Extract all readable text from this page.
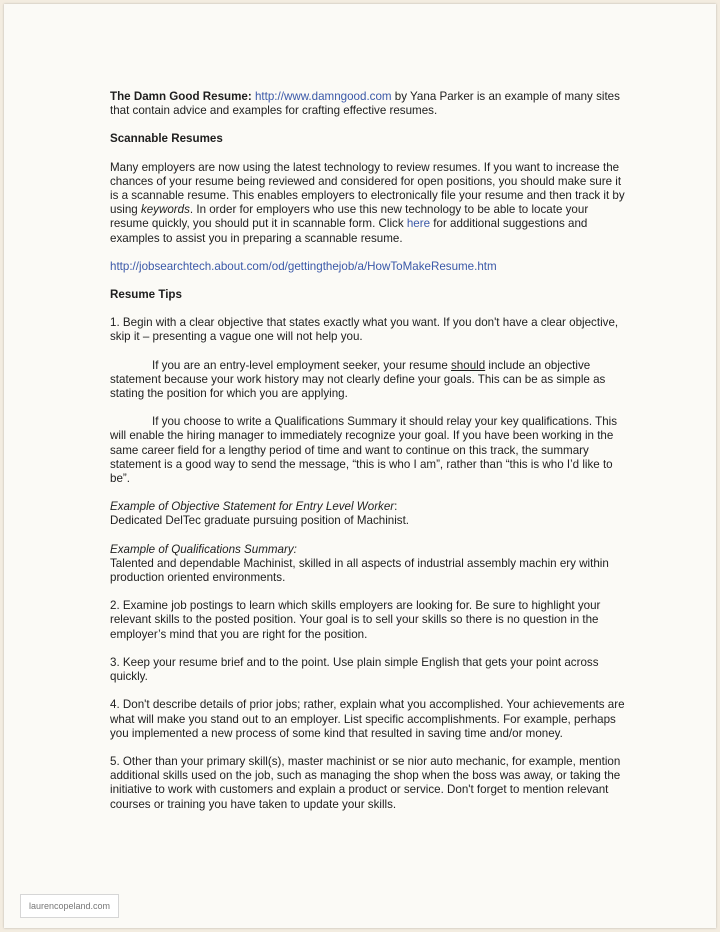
The Damn Good Resume: http://www.damngood.com by Yana Parker is an example of many sites that contain advice and examples for crafting effective resumes.

Scannable Resumes

Many employers are now using the latest technology to review resumes. If you want to increase the chances of your resume being reviewed and considered for open positions, you should make sure it is a scannable resume. This enables employers to electronically file your resume and then track it by using keywords. In order for employers who use this new technology to be able to locate your resume quickly, you should put it in scannable form. Click here for additional suggestions and examples to assist you in preparing a scannable resume.

http://jobsearchtech.about.com/od/gettingthejob/a/HowToMakeResume.htm

Resume Tips

1. Begin with a clear objective that states exactly what you want. If you don't have a clear objective, skip it – presenting a vague one will not help you.

If you are an entry-level employment seeker, your resume should include an objective statement because your work history may not clearly define your goals. This can be as simple as stating the position for which you are applying.

If you choose to write a Qualifications Summary it should relay your key qualifications. This will enable the hiring manager to immediately recognize your goal. If you have been working in the same career field for a lengthy period of time and want to continue on this track, the summary statement is a good way to send the message, “this is who I am”, rather than “this is who I’d like to be”.

Example of Objective Statement for Entry Level Worker:
Dedicated DelTec graduate pursuing position of Machinist.

Example of Qualifications Summary:
Talented and dependable Machinist, skilled in all aspects of industrial assembly machin ery within production oriented environments.

2. Examine job postings to learn which skills employers are looking for. Be sure to highlight your relevant skills to the posted position. Your goal is to sell your skills so there is no question in the employer’s mind that you are right for the position.

3. Keep your resume brief and to the point. Use plain simple English that gets your point across quickly.

4. Don't describe details of prior jobs; rather, explain what you accomplished. Your achievements are what will make you stand out to an employer. List specific accomplishments. For example, perhaps you implemented a new process of some kind that resulted in saving time and/or money.

5. Other than your primary skill(s), master machinist or se nior auto mechanic, for example, mention additional skills used on the job, such as managing the shop when the boss was away, or taking the initiative to work with customers and explain a product or service. Don't forget to mention relevant courses or training you have taken to update your skills.

laurencopeland.com
